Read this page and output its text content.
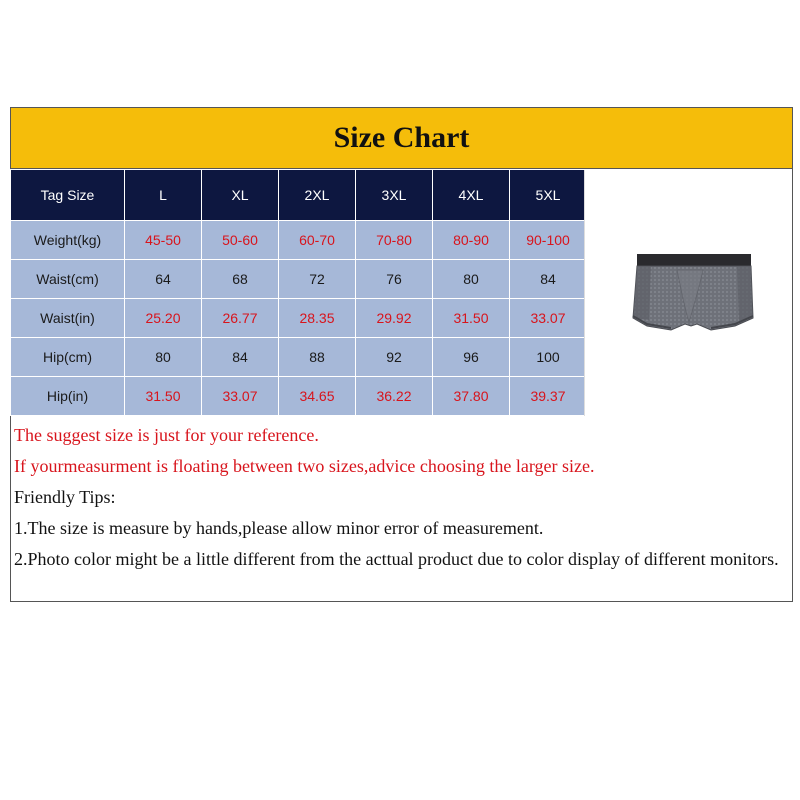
Size Chart
Tag Size	L	XL	2XL	3XL	4XL	5XL
Weight(kg)	45-50	50-60	60-70	70-80	80-90	90-100
Waist(cm)	64	68	72	76	80	84
Waist(in)	25.20	26.77	28.35	29.92	31.50	33.07
Hip(cm)	80	84	88	92	96	100
Hip(in)	31.50	33.07	34.65	36.22	37.80	39.37
The suggest size is just for your reference.
If yourmeasurment is floating between two sizes,advice choosing the larger size.
Friendly Tips:
1.The size is measure by hands,please allow minor error of measurement.
2.Photo color might be a little different from the acttual product due to color display of different monitors.
